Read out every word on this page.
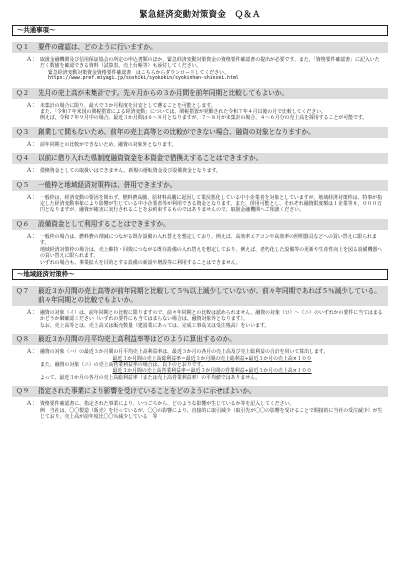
緊急経済変動対策資金　Ｑ＆Ａ
～共通事項～
Ｑ１	要件の確認は、どのように行いますか。
Ａ： 取扱金融機関及び信用保証協会の所定の申込書類のほか、緊急経済変動対策資金の資格要件確認書の提出が必要です。また、「資格要件確認書」に記入いただく数値を確認できる資料（試算表、売上台帳等）も添付してください。

緊急経済変動対策資金資格要件確認書　はこちらからダウンロードしてください。

https://www.pref.miyagi.jp/soshiki/syokokin/syokinhan-shinsei.html

Ｑ２	先月の売上高が未集計です。先々月からの３か月間を前年同期と比較してもよいか。
Ａ： 未集計の場合に限り、最大で３か月程度を目安として遡ることを可能とします。

また、「令和７年米国の関税措置による経済変動」については、関税措置が発動された令和７年４月以後の月で比較してください。

例えば、令和７年９月中の場合、最近３か月間は６～８月となりますが、７～８月が未集計の場合、４～６月分の売上高を採用することが可能です。

Ｑ３	創業して間もないため、前年の売上高等との比較ができない場合、融資の対象となりますか。
Ａ： 前年同期との比較ができないため、融資の対象外となります。

Ｑ４	以前に借り入れた県制度融資資金を本資金で借換えすることはできますか。
Ａ： 借換資金としての取扱いはできません。新規の運転資金及び設備資金となります。

Ｑ５	一般枠と地域経済対策枠は、併用できますか。
Ａ： 一般枠は、経済変動の要因を問わず、燃料費高騰、原材料高騰に起因して業況悪化している中小企業者を対象としていますが、地域経済対策枠は、特事が指定した経済変動事象により影響が生じている中小企業者等が利用できる資金となります。また、併用可能とし、それぞれ融資限度額は１企業等８，０００万円となりますが、融資が確実に実行されることをお約束するものではありませんので、取扱金融機関へご相談ください。

Ｑ６	設備資金として利用することはできますか。
Ａ： 一般枠の場合は、燃料費の削減につながる既存設備の入れ替えを想定しており、例えば、高効率エアコンや高効率の照明器具などへの買い替えに限られます。

地域経済対策枠の場合は、売上維持・回復につながる既存設備の入れ替えを想定しており、例えば、老朽化した設備等の更新や生産性向上を図る設備機器への買い替えに限られます。

いずれの場合も、事業拡大を目的とする設備の新設や増設等に利用することはできません。

～地域経済対策枠～
Ｑ７	最近３か月間の売上高等が前年同期と比較して５％以上減少していないが、前々年同期であれば５％減少している。前々年同期との比較でもよいか。
Ａ： 融資の対象（イ）は、前年同期との比較に限りますので、前々年同期との比較は認められません。融資の対象（ロ）～（ニ）のいずれかの要件に当てはまるかどうか御確認ください（いずれの要件にも当てはまらない場合は、融資対象外となります）。

なお、売上高等とは、売上高又は販売数量（建設業にあっては、完成工事高又は受注残高）をいいます。

Ｑ８	最近３か月間の月平均売上高利益率等はどのように算出するのか。
Ａ： 融資の対象（ハ）の最近３か月間の月平均売上高利益率は、最近３か月の各月の売上高及び売上総利益の合計を用いて算出します。

最近３か月間の売上高総利益率＝最近３か月間の売上総利益÷最近３か月の売上高×１００

また、融資の対象（ニ）の売上高営業利益率の場合は、以下のとおりです。

最近３か月間の売上高営業利益率＝最近３か月間の営業利益÷最近３か月の売上高×１００

よって、最近３か月の各月の売上高総利益率（または売上高営業利益率）の平均値ではありません。

Ｑ９	指定された事業により影響を受けていることをどのように示せばよいか。
Ａ： 資格要件確認書に、指定された事業により、いつごろから、どのような影響が生じているか等を記入してください。

例　当社は、〇〇製造（販売）を行っているが、〇〇の影響により、直接的に取引減少（取引先が〇〇の影響を受けることで間接的に当社の受注減少）が生じており、売上高が前年度比〇〇％減少している　等
